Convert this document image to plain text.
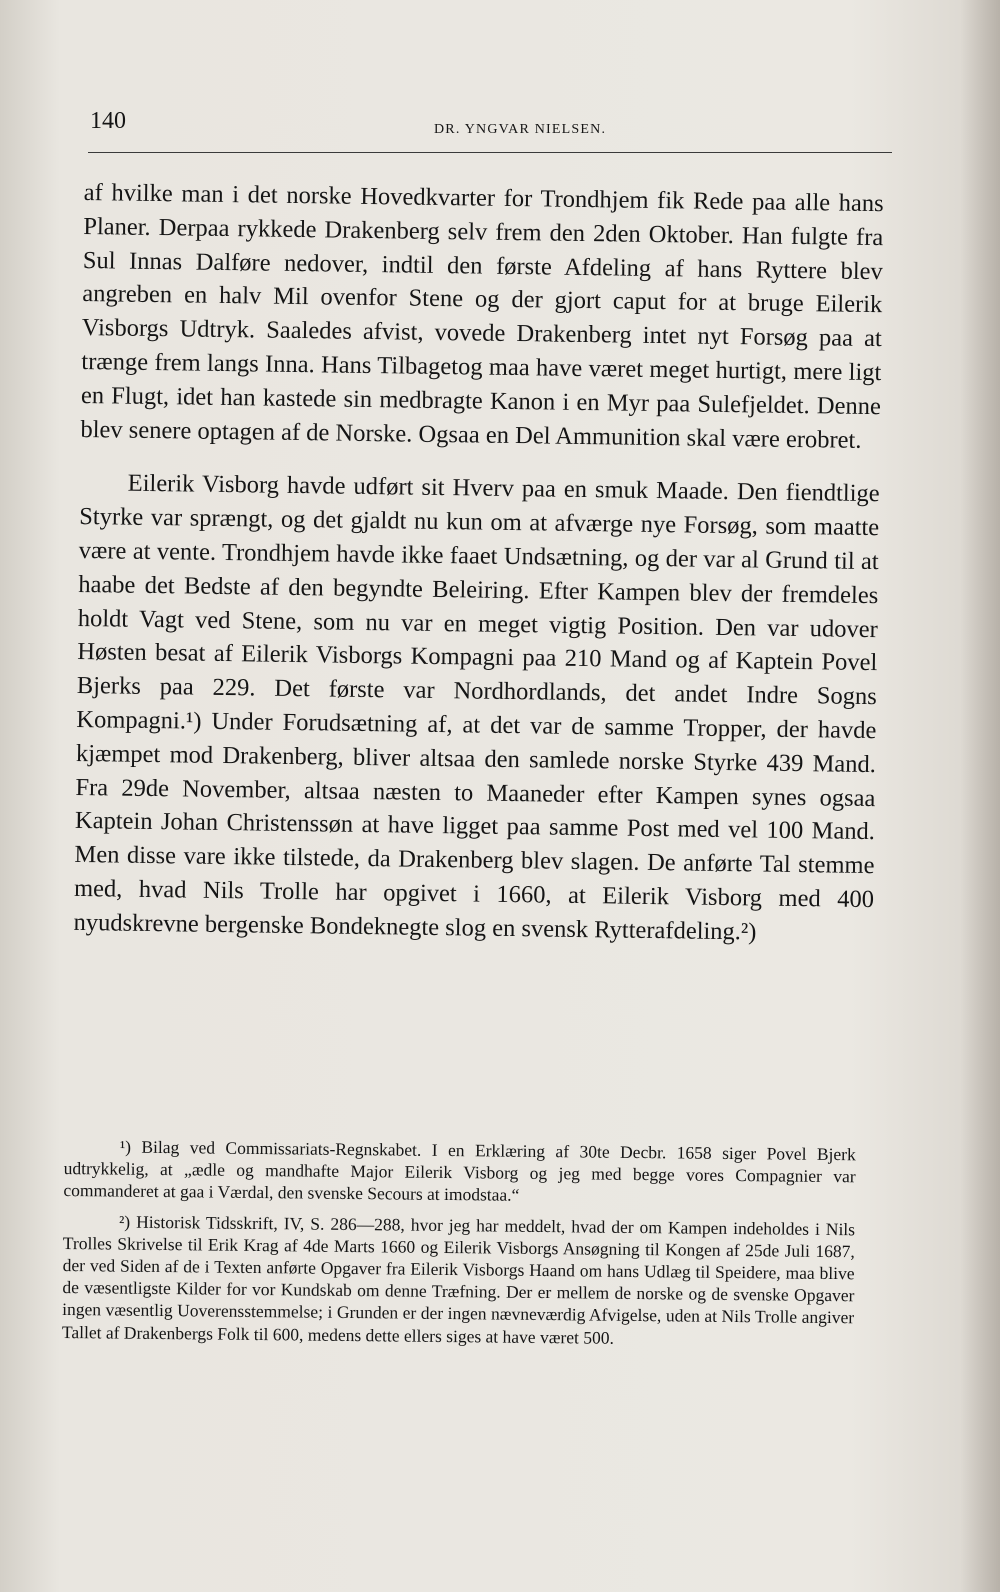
140	DR. YNGVAR NIELSEN.

af hvilke man i det norske Hovedkvarter for Trondhjem fik Rede paa alle hans Planer. Derpaa rykkede Drakenberg selv frem den 2den Oktober. Han fulgte fra Sul Innas Dalføre nedover, indtil den første Afdeling af hans Ryttere blev angreben en halv Mil ovenfor Stene og der gjort caput for at bruge Eilerik Visborgs Udtryk. Saaledes afvist, vovede Drakenberg intet nyt Forsøg paa at trænge frem langs Inna. Hans Tilbagetog maa have været meget hurtigt, mere ligt en Flugt, idet han kastede sin medbragte Kanon i en Myr paa Sulefjeldet. Denne blev senere optagen af de Norske. Ogsaa en Del Ammunition skal være erobret.

Eilerik Visborg havde udført sit Hverv paa en smuk Maade. Den fiendtlige Styrke var sprængt, og det gjaldt nu kun om at afværge nye Forsøg, som maatte være at vente. Trondhjem havde ikke faaet Undsætning, og der var al Grund til at haabe det Bedste af den begyndte Beleiring. Efter Kampen blev der fremdeles holdt Vagt ved Stene, som nu var en meget vigtig Position. Den var udover Høsten besat af Eilerik Visborgs Kompagni paa 210 Mand og af Kaptein Povel Bjerks paa 229. Det første var Nordhordlands, det andet Indre Sogns Kompagni.¹) Under Forudsætning af, at det var de samme Tropper, der havde kjæmpet mod Drakenberg, bliver altsaa den samlede norske Styrke 439 Mand. Fra 29de November, altsaa næsten to Maaneder efter Kampen synes ogsaa Kaptein Johan Christenssøn at have ligget paa samme Post med vel 100 Mand. Men disse vare ikke tilstede, da Drakenberg blev slagen. De anførte Tal stemme med, hvad Nils Trolle har opgivet i 1660, at Eilerik Visborg med 400 nyudskrevne bergenske Bondeknegte slog en svensk Rytterafdeling.²)

¹) Bilag ved Commissariats-Regnskabet. I en Erklæring af 30te Decbr. 1658 siger Povel Bjerk udtrykkelig, at „ædle og mandhafte Major Eilerik Visborg og jeg med begge vores Compagnier var commanderet at gaa i Værdal, den svenske Secours at imodstaa.“

²) Historisk Tidsskrift, IV, S. 286—288, hvor jeg har meddelt, hvad der om Kampen indeholdes i Nils Trolles Skrivelse til Erik Krag af 4de Marts 1660 og Eilerik Visborgs Ansøgning til Kongen af 25de Juli 1687, der ved Siden af de i Texten anførte Opgaver fra Eilerik Visborgs Haand om hans Udlæg til Speidere, maa blive de væsentligste Kilder for vor Kundskab om denne Træfning. Der er mellem de norske og de svenske Opgaver ingen væsentlig Uoverensstemmelse; i Grunden er der ingen nævneværdig Afvigelse, uden at Nils Trolle angiver Tallet af Drakenbergs Folk til 600, medens dette ellers siges at have været 500.
